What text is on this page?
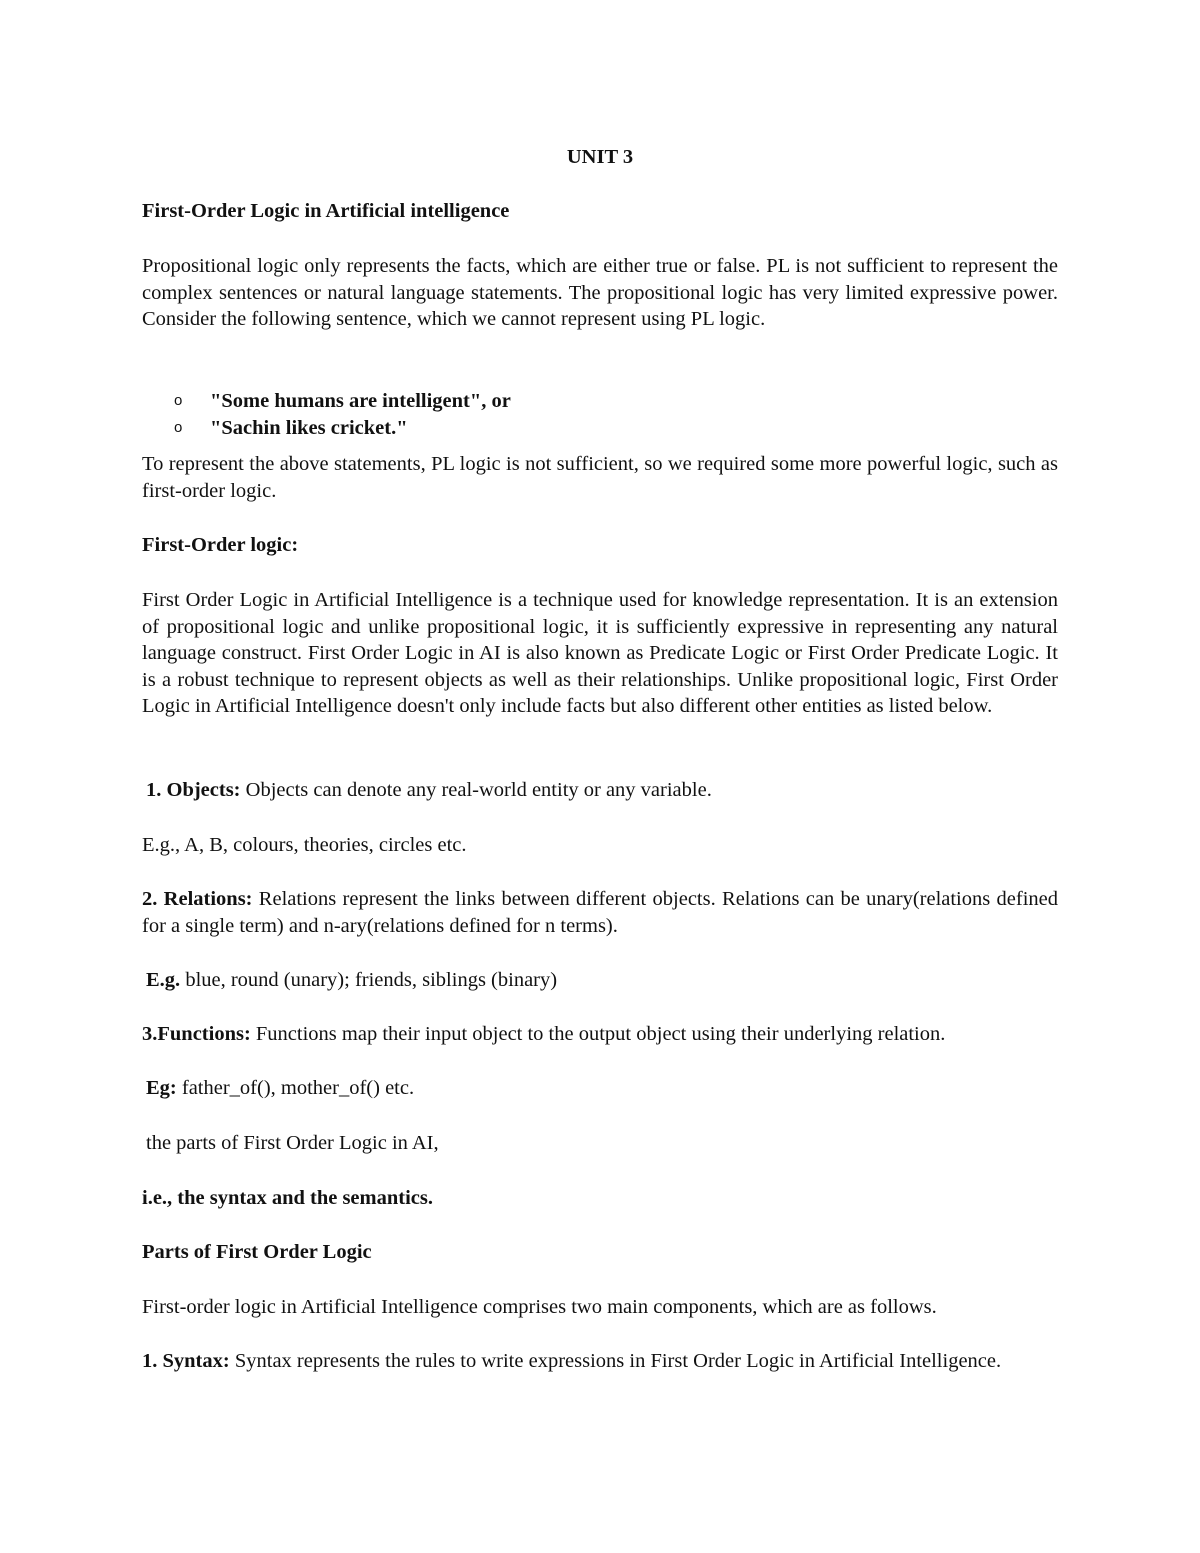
UNIT 3

First-Order Logic in Artificial intelligence

Propositional logic only represents the facts, which are either true or false. PL is not sufficient to represent the complex sentences or natural language statements. The propositional logic has very limited expressive power. Consider the following sentence, which we cannot represent using PL logic.

o "Some humans are intelligent", or
o "Sachin likes cricket."

To represent the above statements, PL logic is not sufficient, so we required some more powerful logic, such as first-order logic.

First-Order logic:

First Order Logic in Artificial Intelligence is a technique used for knowledge representation. It is an extension of propositional logic and unlike propositional logic, it is sufficiently expressive in representing any natural language construct. First Order Logic in AI is also known as Predicate Logic or First Order Predicate Logic. It is a robust technique to represent objects as well as their relationships. Unlike propositional logic, First Order Logic in Artificial Intelligence doesn't only include facts but also different other entities as listed below.

1. Objects: Objects can denote any real-world entity or any variable.

E.g., A, B, colours, theories, circles etc.

2. Relations: Relations represent the links between different objects. Relations can be unary(relations defined for a single term) and n-ary(relations defined for n terms).

E.g. blue, round (unary); friends, siblings (binary)

3.Functions: Functions map their input object to the output object using their underlying relation.

Eg: father_of(), mother_of() etc.

the parts of First Order Logic in AI,

i.e., the syntax and the semantics.

Parts of First Order Logic

First-order logic in Artificial Intelligence comprises two main components, which are as follows.

1. Syntax: Syntax represents the rules to write expressions in First Order Logic in Artificial Intelligence.
